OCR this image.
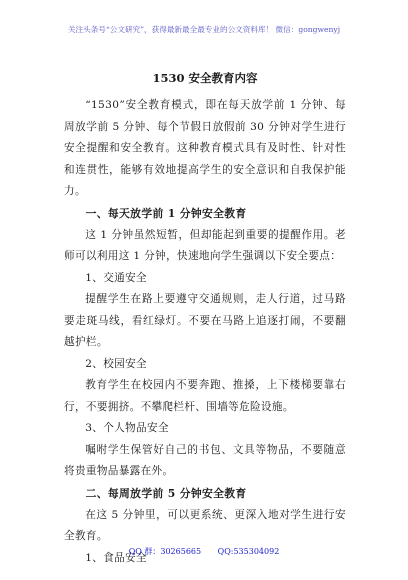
关注头条号“公文研究”，获得最新最全最专业的公文资料库！ 微信：gongwenyj
1530 安全教育内容

“1530”安全教育模式，即在每天放学前 1 分钟、每周放学前 5 分钟、每个节假日放假前 30 分钟对学生进行安全提醒和安全教育。这种教育模式具有及时性、针对性和连贯性，能够有效地提高学生的安全意识和自我保护能力。

一、每天放学前 1 分钟安全教育

这 1 分钟虽然短暂，但却能起到重要的提醒作用。老师可以利用这 1 分钟，快速地向学生强调以下安全要点：

1、交通安全

提醒学生在路上要遵守交通规则，走人行道，过马路要走斑马线，看红绿灯。不要在马路上追逐打闹，不要翻越护栏。

2、校园安全

教育学生在校园内不要奔跑、推搡，上下楼梯要靠右行，不要拥挤。不攀爬栏杆、围墙等危险设施。

3、个人物品安全

嘱咐学生保管好自己的书包、文具等物品，不要随意将贵重物品暴露在外。

二、每周放学前 5 分钟安全教育

在这 5 分钟里，可以更系统、更深入地对学生进行安全教育。

1、食品安全

QQ 群：30265665 QQ:535304092
